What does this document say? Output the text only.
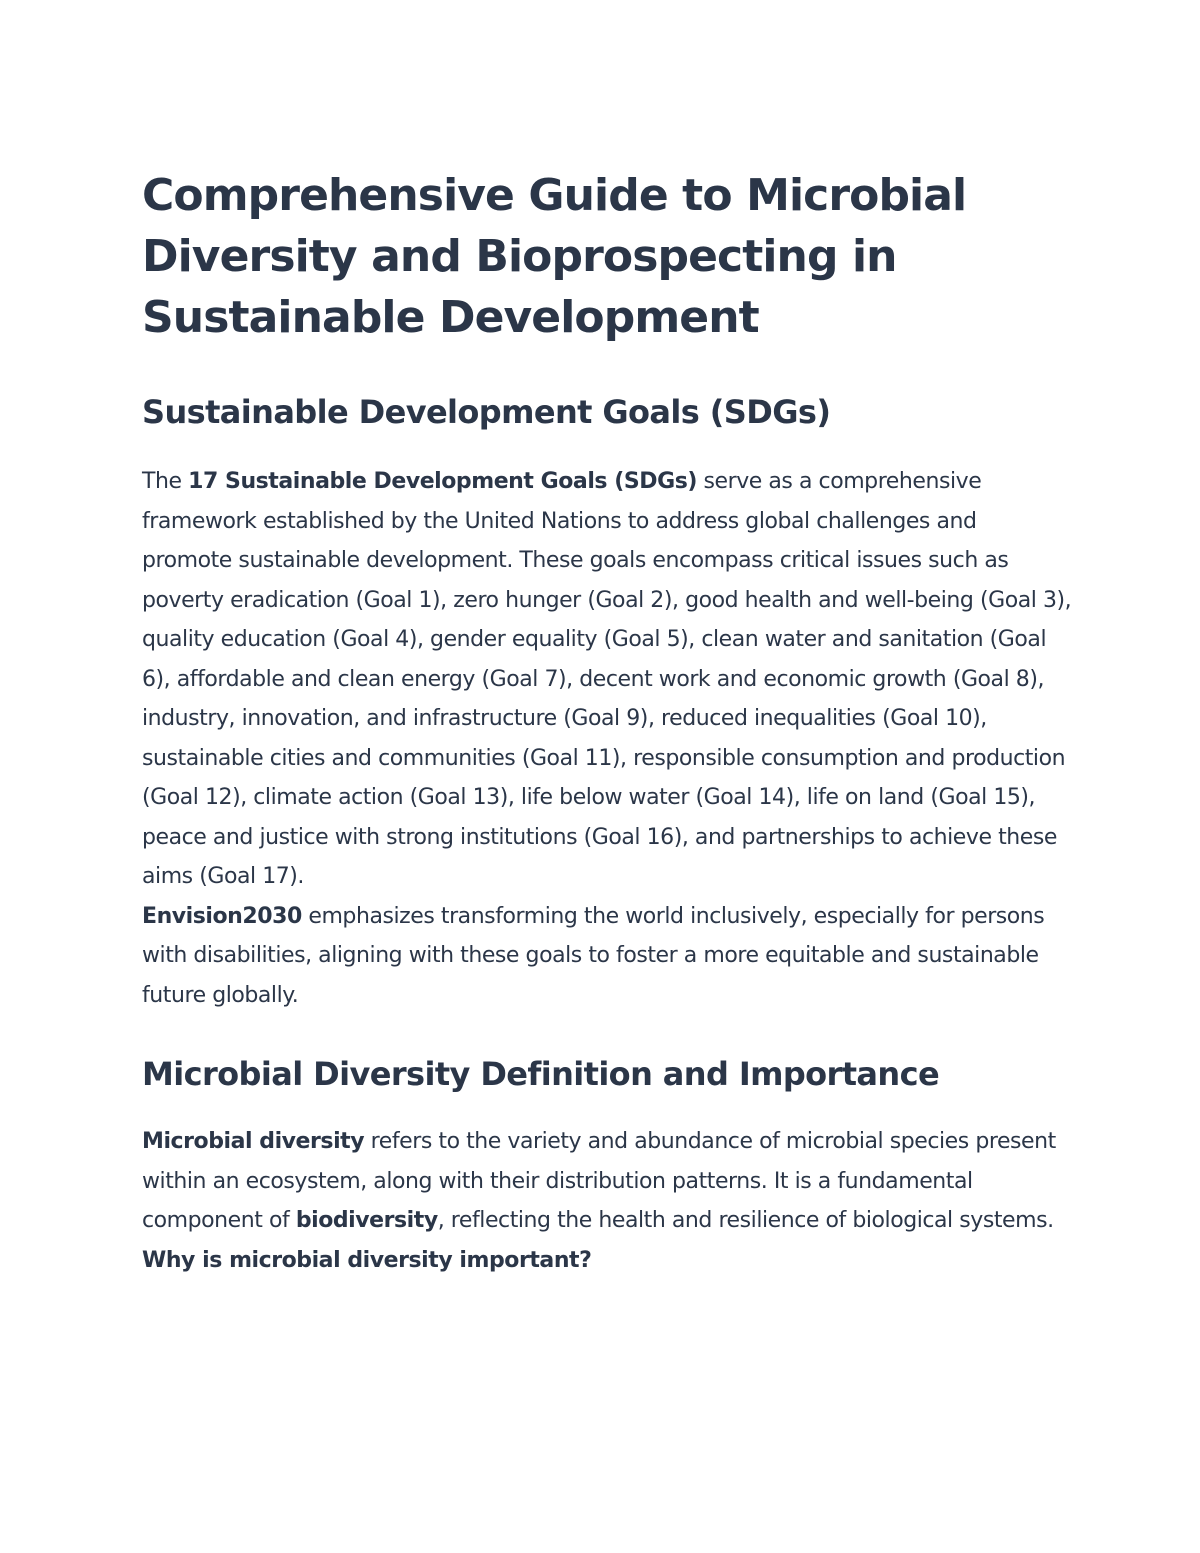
Comprehensive Guide to Microbial Diversity and Bioprospecting in Sustainable Development
Sustainable Development Goals (SDGs)

The 17 Sustainable Development Goals (SDGs) serve as a comprehensive framework established by the United Nations to address global challenges and promote sustainable development. These goals encompass critical issues such as poverty eradication (Goal 1), zero hunger (Goal 2), good health and well-being (Goal 3), quality education (Goal 4), gender equality (Goal 5), clean water and sanitation (Goal 6), affordable and clean energy (Goal 7), decent work and economic growth (Goal 8), industry, innovation, and infrastructure (Goal 9), reduced inequalities (Goal 10), sustainable cities and communities (Goal 11), responsible consumption and production (Goal 12), climate action (Goal 13), life below water (Goal 14), life on land (Goal 15), peace and justice with strong institutions (Goal 16), and partnerships to achieve these aims (Goal 17).

Envision2030 emphasizes transforming the world inclusively, especially for persons with disabilities, aligning with these goals to foster a more equitable and sustainable future globally.

Microbial Diversity Definition and Importance

Microbial diversity refers to the variety and abundance of microbial species present within an ecosystem, along with their distribution patterns. It is a fundamental component of biodiversity, reflecting the health and resilience of biological systems.

Why is microbial diversity important?
